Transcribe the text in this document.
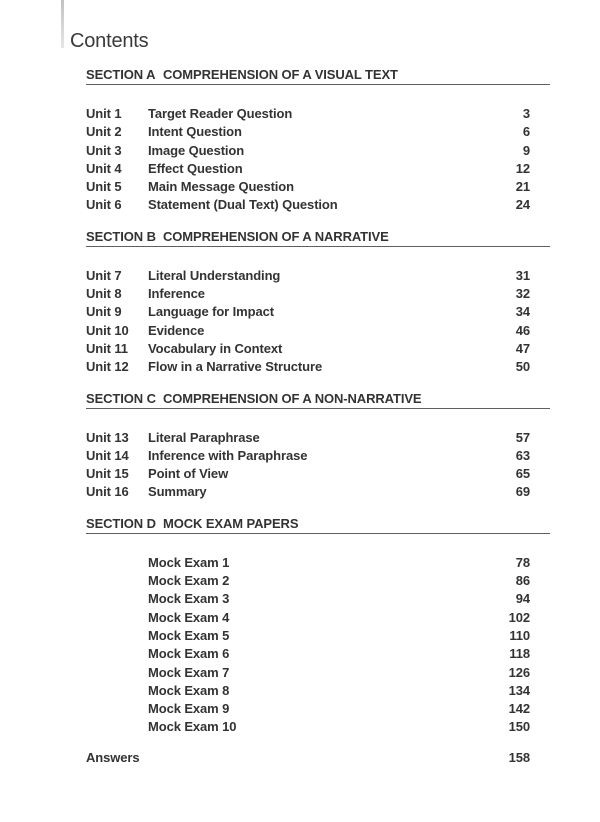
Contents
SECTION A COMPREHENSION OF A VISUAL TEXT
Unit 1	Target Reader Question	3
Unit 2	Intent Question	6
Unit 3	Image Question	9
Unit 4	Effect Question	12
Unit 5	Main Message Question	21
Unit 6	Statement (Dual Text) Question	24
SECTION B COMPREHENSION OF A NARRATIVE
Unit 7	Literal Understanding	31
Unit 8	Inference	32
Unit 9	Language for Impact	34
Unit 10	Evidence	46
Unit 11	Vocabulary in Context	47
Unit 12	Flow in a Narrative Structure	50
SECTION C COMPREHENSION OF A NON-NARRATIVE
Unit 13	Literal Paraphrase	57
Unit 14	Inference with Paraphrase	63
Unit 15	Point of View	65
Unit 16	Summary	69
SECTION D MOCK EXAM PAPERS
Mock Exam 1	78
Mock Exam 2	86
Mock Exam 3	94
Mock Exam 4	102
Mock Exam 5	110
Mock Exam 6	118
Mock Exam 7	126
Mock Exam 8	134
Mock Exam 9	142
Mock Exam 10	150
Answers	158
